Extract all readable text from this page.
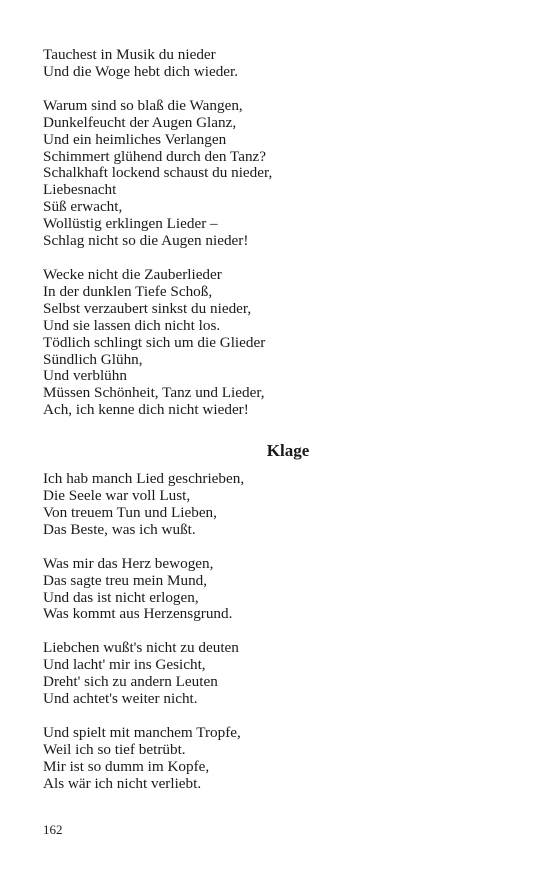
Tauchest in Musik du nieder
Und die Woge hebt dich wieder.
Warum sind so blaß die Wangen,
Dunkelfeucht der Augen Glanz,
Und ein heimliches Verlangen
Schimmert glühend durch den Tanz?
Schalkhaft lockend schaust du nieder,
Liebesnacht
Süß erwacht,
Wollüstig erklingen Lieder –
Schlag nicht so die Augen nieder!
Wecke nicht die Zauberlieder
In der dunklen Tiefe Schoß,
Selbst verzaubert sinkst du nieder,
Und sie lassen dich nicht los.
Tödlich schlingt sich um die Glieder
Sündlich Glühn,
Und verblühn
Müssen Schönheit, Tanz und Lieder,
Ach, ich kenne dich nicht wieder!
Klage
Ich hab manch Lied geschrieben,
Die Seele war voll Lust,
Von treuem Tun und Lieben,
Das Beste, was ich wußt.
Was mir das Herz bewogen,
Das sagte treu mein Mund,
Und das ist nicht erlogen,
Was kommt aus Herzensgrund.
Liebchen wußt's nicht zu deuten
Und lacht' mir ins Gesicht,
Dreht' sich zu andern Leuten
Und achtet's weiter nicht.
Und spielt mit manchem Tropfe,
Weil ich so tief betrübt.
Mir ist so dumm im Kopfe,
Als wär ich nicht verliebt.
162
